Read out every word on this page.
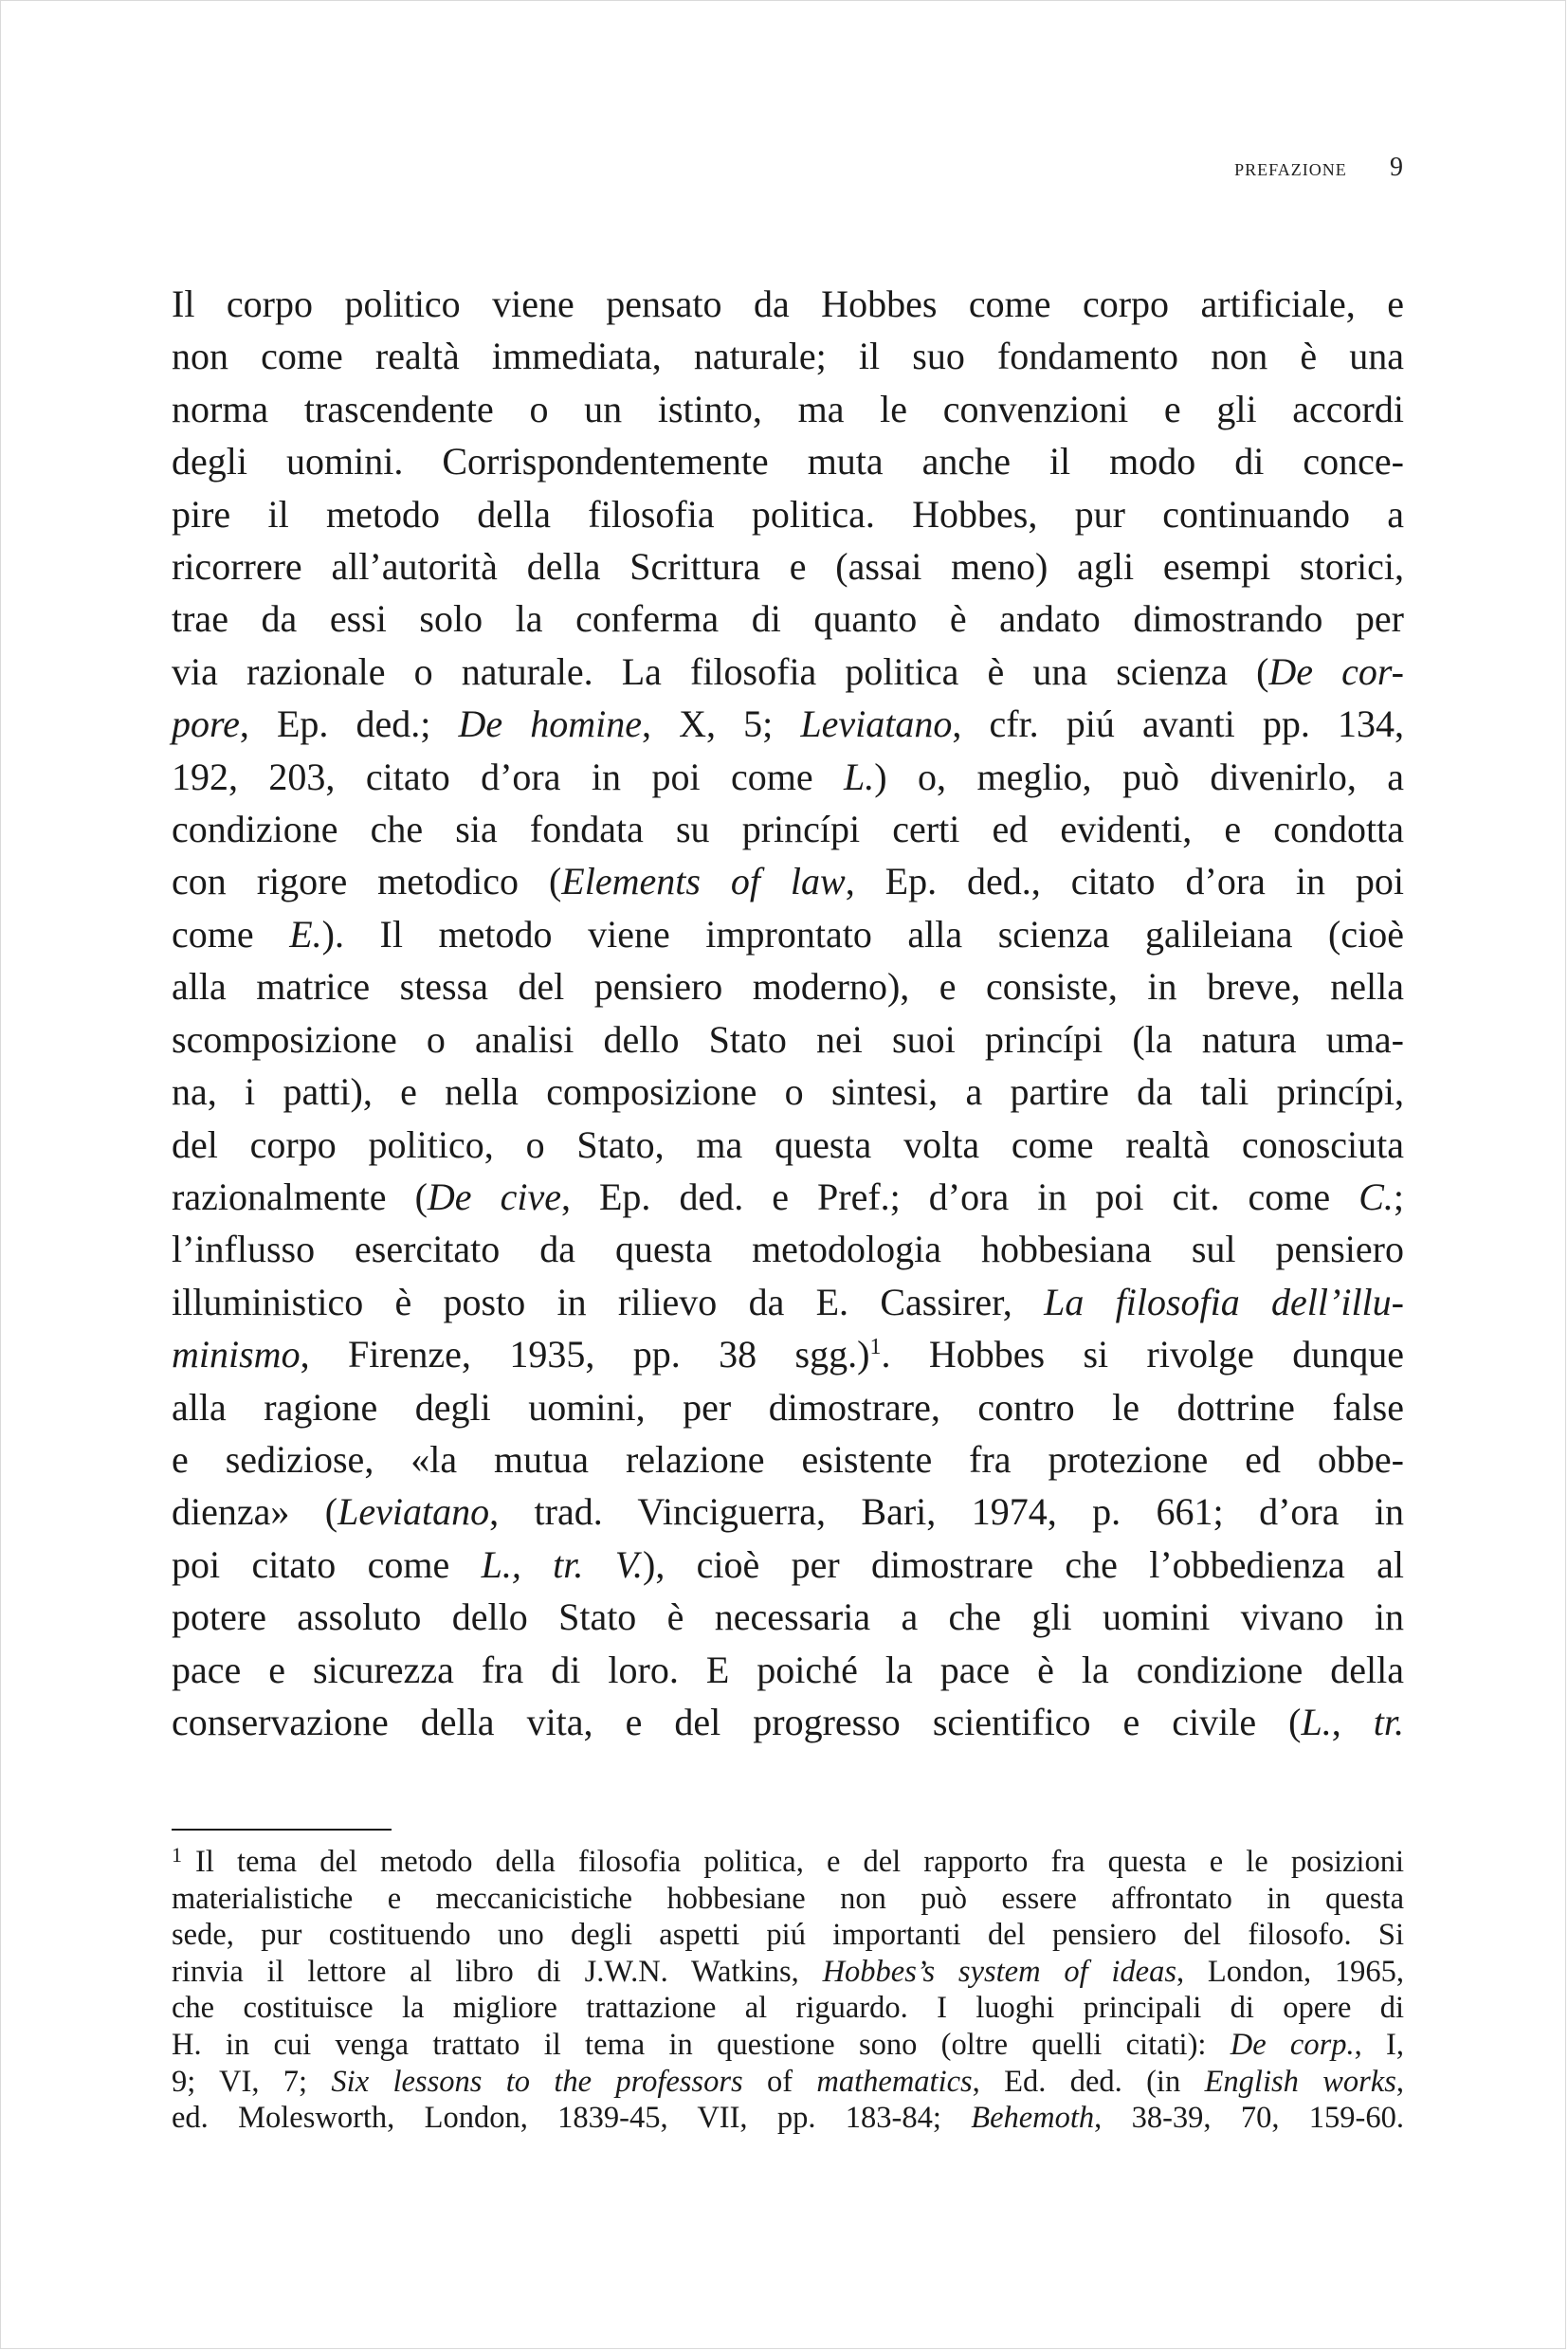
prefazione 9
Il corpo politico viene pensato da Hobbes come corpo artificiale, e
non come realtà immediata, naturale; il suo fondamento non è una
norma trascendente o un istinto, ma le convenzioni e gli accordi
degli uomini. Corrispondentemente muta anche il modo di conce-
pire il metodo della filosofia politica. Hobbes, pur continuando a
ricorrere all’autorità della Scrittura e (assai meno) agli esempi storici,
trae da essi solo la conferma di quanto è andato dimostrando per
via razionale o naturale. La filosofia politica è una scienza (De cor-
pore, Ep. ded.; De homine, X, 5; Leviatano, cfr. piú avanti pp. 134,
192, 203, citato d’ora in poi come L.) o, meglio, può divenirlo, a
condizione che sia fondata su princípi certi ed evidenti, e condotta
con rigore metodico (Elements of law, Ep. ded., citato d’ora in poi
come E.). Il metodo viene improntato alla scienza galileiana (cioè
alla matrice stessa del pensiero moderno), e consiste, in breve, nella
scomposizione o analisi dello Stato nei suoi princípi (la natura uma-
na, i patti), e nella composizione o sintesi, a partire da tali princípi,
del corpo politico, o Stato, ma questa volta come realtà conosciuta
razionalmente (De cive, Ep. ded. e Pref.; d’ora in poi cit. come C.;
l’influsso esercitato da questa metodologia hobbesiana sul pensiero
illuministico è posto in rilievo da E. Cassirer, La filosofia dell’illu-
minismo, Firenze, 1935, pp. 38 sgg.)$^1$. Hobbes si rivolge dunque
alla ragione degli uomini, per dimostrare, contro le dottrine false
e sediziose, «la mutua relazione esistente fra protezione ed obbe-
dienza» (Leviatano, trad. Vinciguerra, Bari, 1974, p. 661; d’ora in
poi citato come L., tr. V.), cioè per dimostrare che l’obbedienza al
potere assoluto dello Stato è necessaria a che gli uomini vivano in
pace e sicurezza fra di loro. E poiché la pace è la condizione della
conservazione della vita, e del progresso scientifico e civile (L., tr.
$^1$ Il tema del metodo della filosofia politica, e del rapporto fra questa e le posizioni
materialistiche e meccanicistiche hobbesiane non può essere affrontato in questa
sede, pur costituendo uno degli aspetti piú importanti del pensiero del filosofo. Si
rinvia il lettore al libro di J.W.N. Watkins, Hobbes’s system of ideas, London, 1965,
che costituisce la migliore trattazione al riguardo. I luoghi principali di opere di
H. in cui venga trattato il tema in questione sono (oltre quelli citati): De corp., I,
9; VI, 7; Six lessons to the professors of mathematics, Ed. ded. (in English works,
ed. Molesworth, London, 1839-45, VII, pp. 183-84; Behemoth, 38-39, 70, 159-60.
